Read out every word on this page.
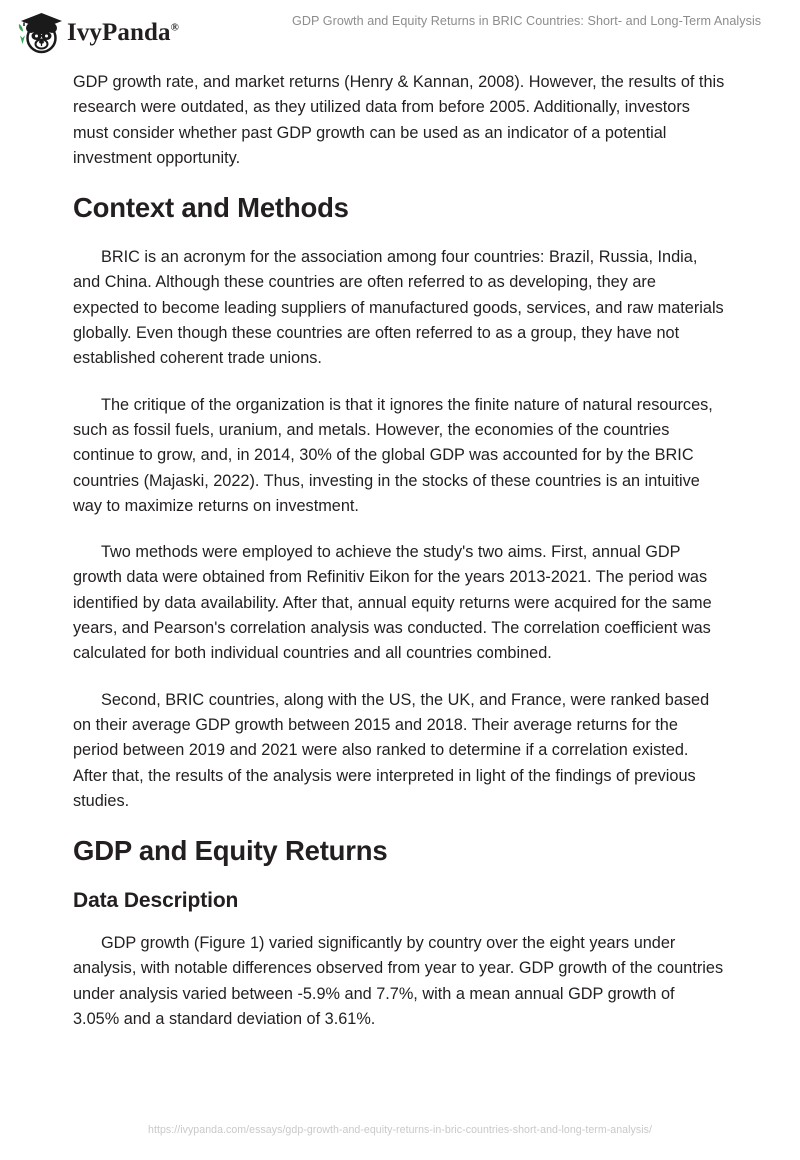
IvyPanda®	GDP Growth and Equity Returns in BRIC Countries: Short- and Long-Term Analysis

GDP growth rate, and market returns (Henry & Kannan, 2008). However, the results of this research were outdated, as they utilized data from before 2005. Additionally, investors must consider whether past GDP growth can be used as an indicator of a potential investment opportunity.

Context and Methods

BRIC is an acronym for the association among four countries: Brazil, Russia, India, and China. Although these countries are often referred to as developing, they are expected to become leading suppliers of manufactured goods, services, and raw materials globally. Even though these countries are often referred to as a group, they have not established coherent trade unions.

The critique of the organization is that it ignores the finite nature of natural resources, such as fossil fuels, uranium, and metals. However, the economies of the countries continue to grow, and, in 2014, 30% of the global GDP was accounted for by the BRIC countries (Majaski, 2022). Thus, investing in the stocks of these countries is an intuitive way to maximize returns on investment.

Two methods were employed to achieve the study's two aims. First, annual GDP growth data were obtained from Refinitiv Eikon for the years 2013-2021. The period was identified by data availability. After that, annual equity returns were acquired for the same years, and Pearson's correlation analysis was conducted. The correlation coefficient was calculated for both individual countries and all countries combined.

Second, BRIC countries, along with the US, the UK, and France, were ranked based on their average GDP growth between 2015 and 2018. Their average returns for the period between 2019 and 2021 were also ranked to determine if a correlation existed. After that, the results of the analysis were interpreted in light of the findings of previous studies.

GDP and Equity Returns
Data Description

GDP growth (Figure 1) varied significantly by country over the eight years under analysis, with notable differences observed from year to year. GDP growth of the countries under analysis varied between -5.9% and 7.7%, with a mean annual GDP growth of 3.05% and a standard deviation of 3.61%.

https://ivypanda.com/essays/gdp-growth-and-equity-returns-in-bric-countries-short-and-long-term-analysis/
